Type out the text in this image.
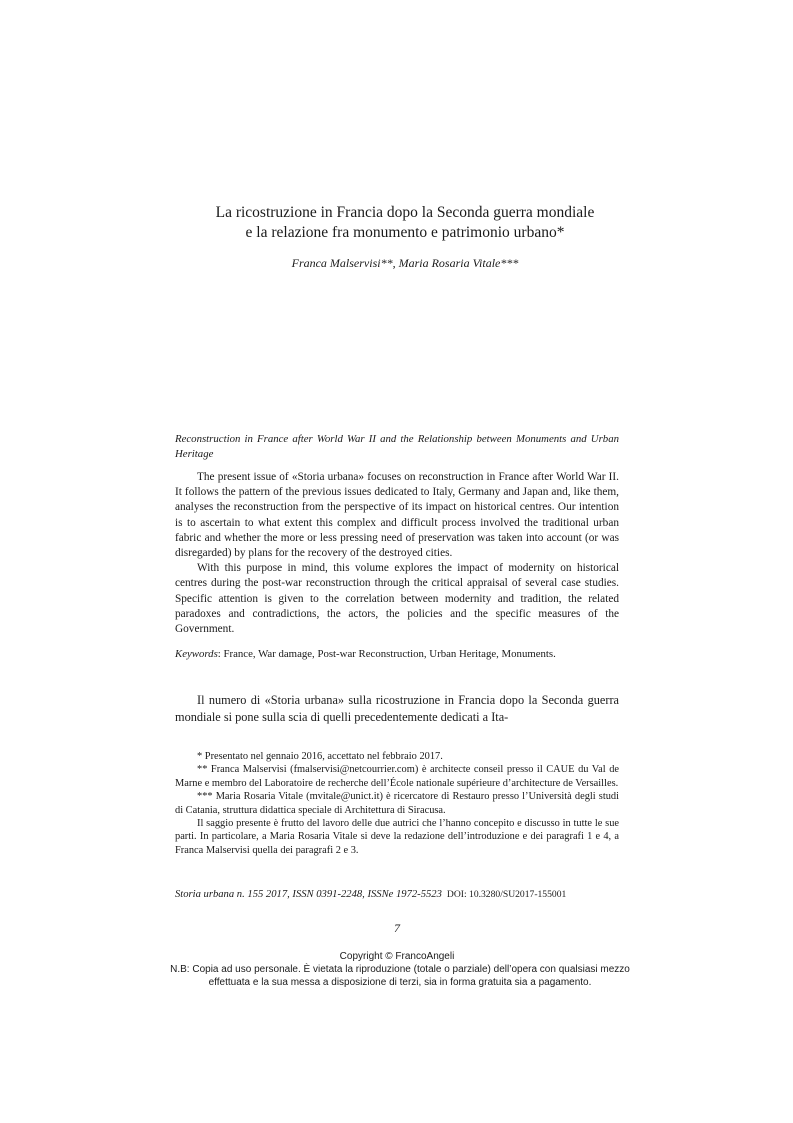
La ricostruzione in Francia dopo la Seconda guerra mondiale
e la relazione fra monumento e patrimonio urbano*
Franca Malservisi**, Maria Rosaria Vitale***
Reconstruction in France after World War II and the Relationship between Monuments and Urban Heritage

The present issue of «Storia urbana» focuses on reconstruction in France after World War II. It follows the pattern of the previous issues dedicated to Italy, Germany and Japan and, like them, analyses the reconstruction from the perspective of its impact on historical centres. Our intention is to ascertain to what extent this complex and difficult process involved the traditional urban fabric and whether the more or less pressing need of preservation was taken into account (or was disregarded) by plans for the recovery of the destroyed cities.

With this purpose in mind, this volume explores the impact of modernity on historical centres during the post-war reconstruction through the critical appraisal of several case studies. Specific attention is given to the correlation between modernity and tradition, the related paradoxes and contradictions, the actors, the policies and the specific measures of the Government.

Keywords: France, War damage, Post-war Reconstruction, Urban Heritage, Monuments.

Il numero di «Storia urbana» sulla ricostruzione in Francia dopo la Seconda guerra mondiale si pone sulla scia di quelli precedentemente dedicati a Ita-

* Presentato nel gennaio 2016, accettato nel febbraio 2017.

** Franca Malservisi (fmalservisi@netcourrier.com) è architecte conseil presso il CAUE du Val de Marne e membro del Laboratoire de recherche dell’École nationale supérieure d’architecture de Versailles.

*** Maria Rosaria Vitale (mvitale@unict.it) è ricercatore di Restauro presso l’Università degli studi di Catania, struttura didattica speciale di Architettura di Siracusa.

Il saggio presente è frutto del lavoro delle due autrici che l’hanno concepito e discusso in tutte le sue parti. In particolare, a Maria Rosaria Vitale si deve la redazione dell’introduzione e dei paragrafi 1 e 4, a Franca Malservisi quella dei paragrafi 2 e 3.

Storia urbana n. 155 2017, ISSN 0391-2248, ISSNe 1972-5523 DOI: 10.3280/SU2017-155001
7
Copyright © FrancoAngeli
N.B: Copia ad uso personale. È vietata la riproduzione (totale o parziale) dell’opera con qualsiasi mezzo effettuata e la sua messa a disposizione di terzi, sia in forma gratuita sia a pagamento.
